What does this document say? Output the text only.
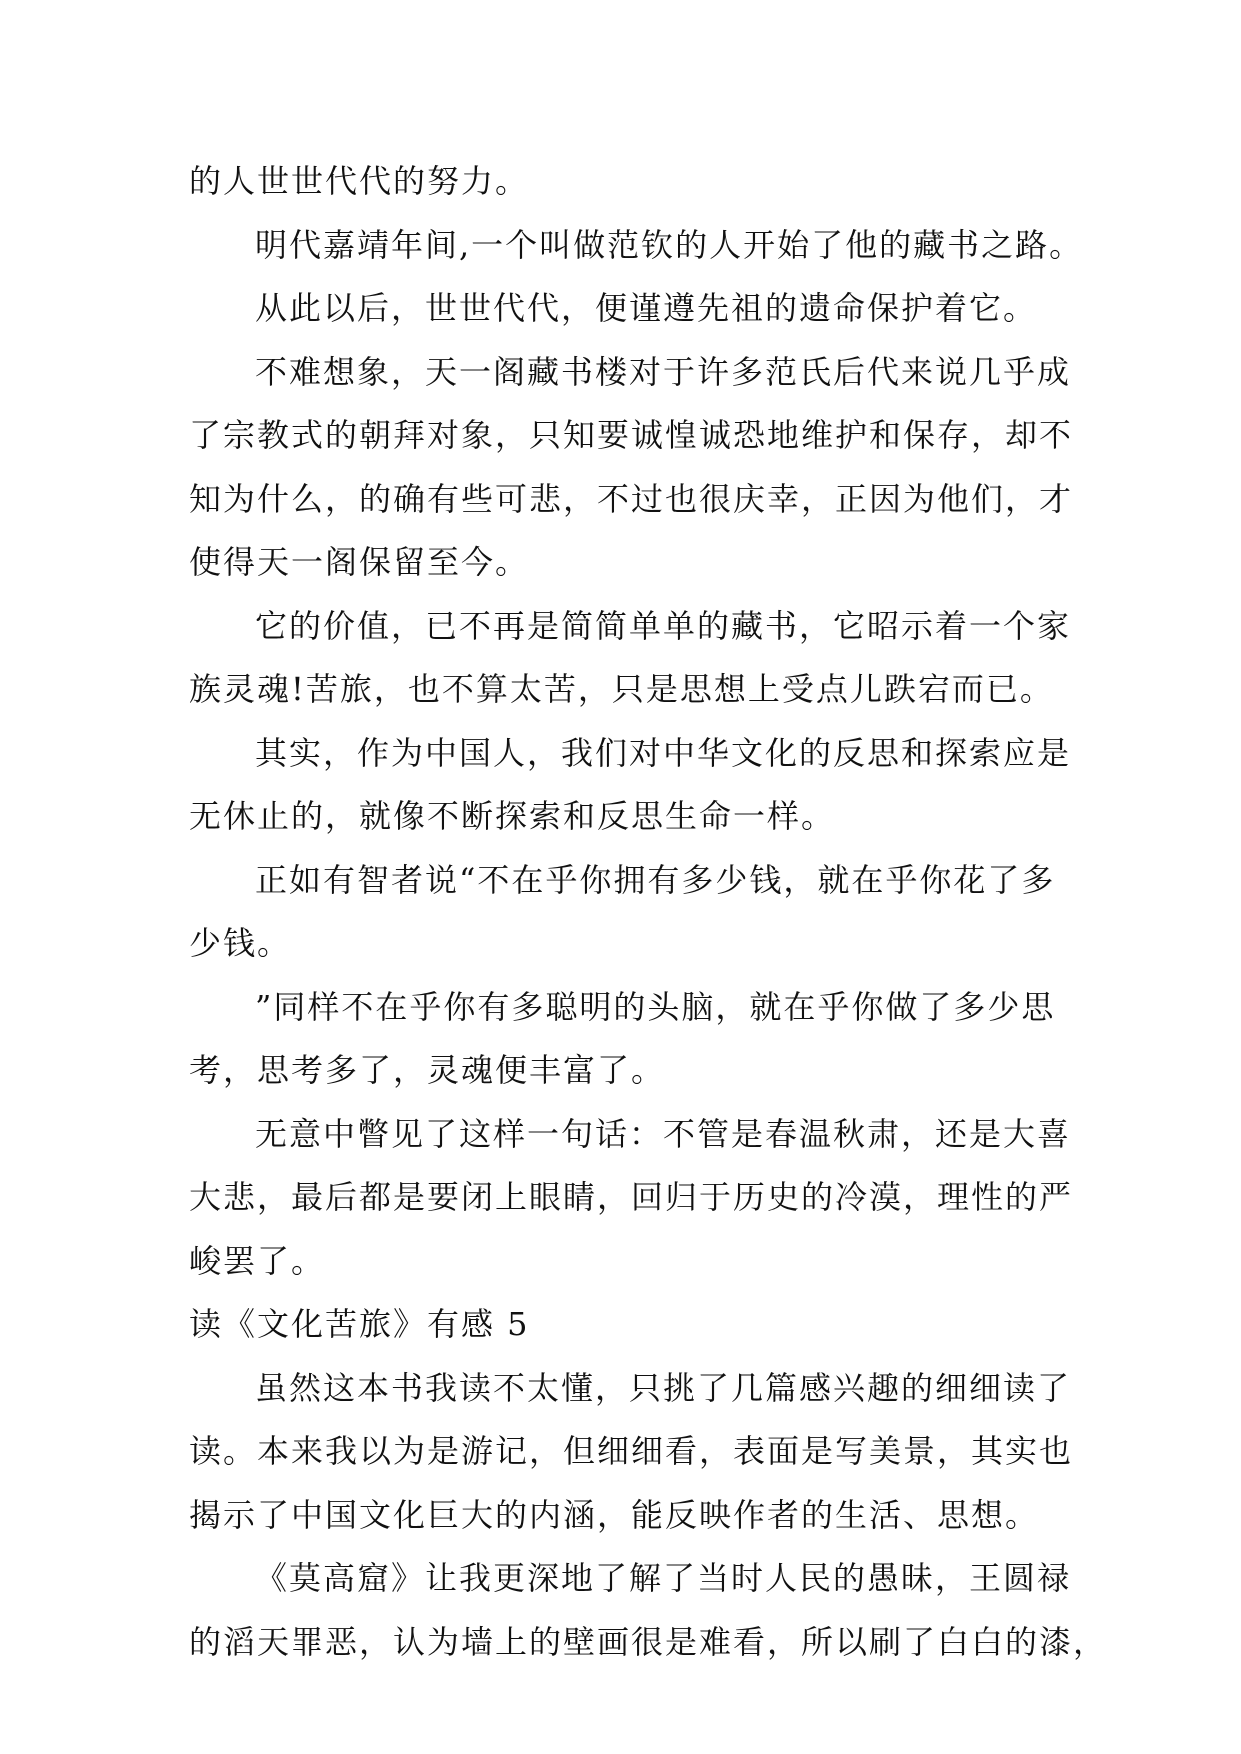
的人世世代代的努力。
明代嘉靖年间,一个叫做范钦的人开始了他的藏书之路。
从此以后，世世代代，便谨遵先祖的遗命保护着它。
不难想象，天一阁藏书楼对于许多范氏后代来说几乎成
了宗教式的朝拜对象，只知要诚惶诚恐地维护和保存，却不
知为什么，的确有些可悲，不过也很庆幸，正因为他们，才
使得天一阁保留至今。
它的价值，已不再是简简单单的藏书，它昭示着一个家
族灵魂!苦旅，也不算太苦，只是思想上受点儿跌宕而已。
其实，作为中国人，我们对中华文化的反思和探索应是
无休止的，就像不断探索和反思生命一样。
正如有智者说“不在乎你拥有多少钱，就在乎你花了多
少钱。
”同样不在乎你有多聪明的头脑，就在乎你做了多少思
考，思考多了，灵魂便丰富了。
无意中瞥见了这样一句话：不管是春温秋肃，还是大喜
大悲，最后都是要闭上眼睛，回归于历史的冷漠，理性的严
峻罢了。
读《文化苦旅》有感 5
虽然这本书我读不太懂，只挑了几篇感兴趣的细细读了
读。本来我以为是游记，但细细看，表面是写美景，其实也
揭示了中国文化巨大的内涵，能反映作者的生活、思想。
《莫高窟》让我更深地了解了当时人民的愚昧，王圆禄
的滔天罪恶，认为墙上的壁画很是难看，所以刷了白白的漆，
